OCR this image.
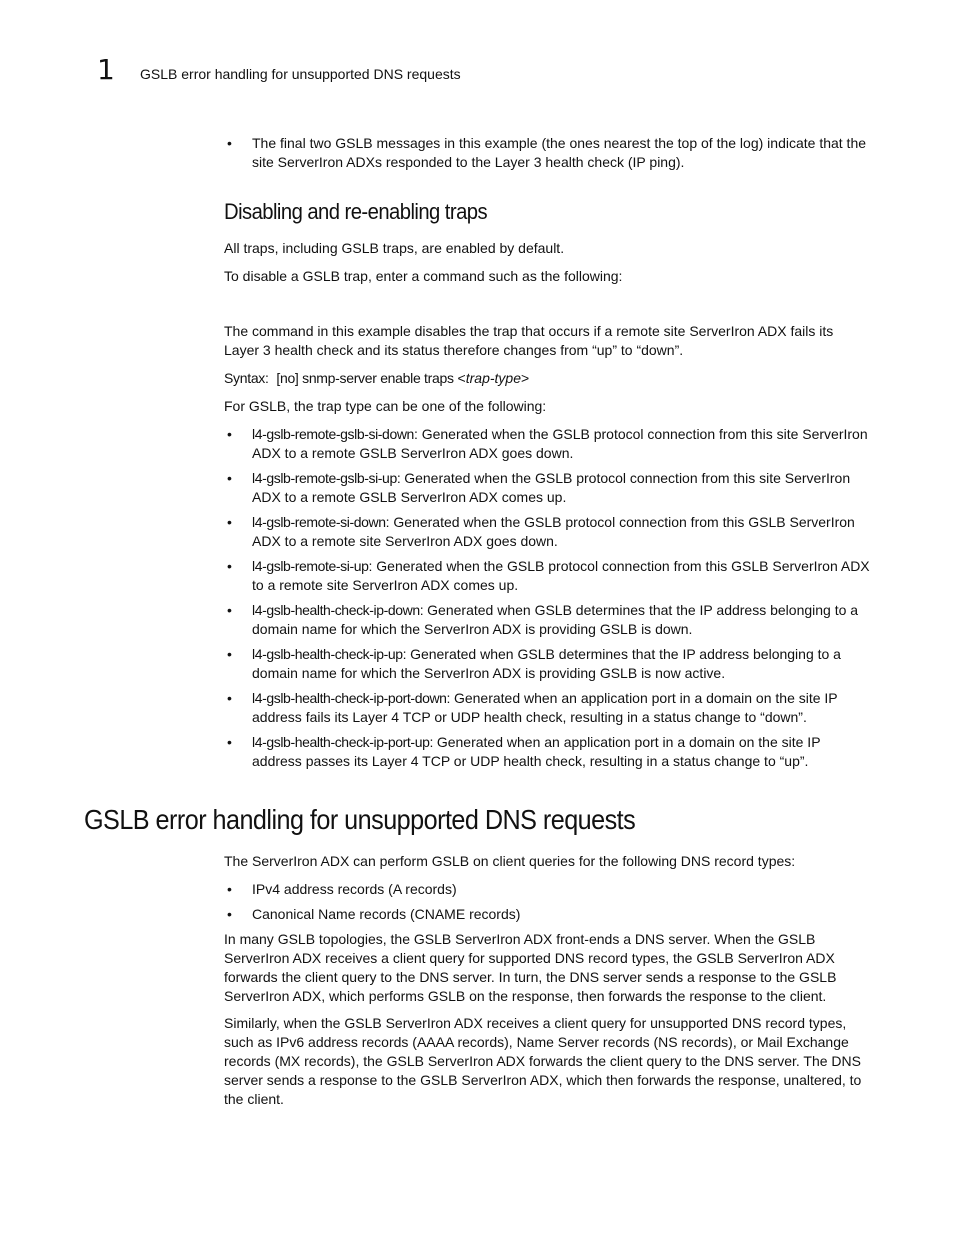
1 GSLB error handling for unsupported DNS requests
• The final two GSLB messages in this example (the ones nearest the top of the log) indicate that the site ServerIron ADXs responded to the Layer 3 health check (IP ping).
Disabling and re-enabling traps

All traps, including GSLB traps, are enabled by default.

To disable a GSLB trap, enter a command such as the following:

The command in this example disables the trap that occurs if a remote site ServerIron ADX fails its Layer 3 health check and its status therefore changes from “up” to “down”.

Syntax: [no] snmp-server enable traps <trap-type>

For GSLB, the trap type can be one of the following:

• l4-gslb-remote-gslb-si-down: Generated when the GSLB protocol connection from this site ServerIron ADX to a remote GSLB ServerIron ADX goes down.
• l4-gslb-remote-gslb-si-up: Generated when the GSLB protocol connection from this site ServerIron ADX to a remote GSLB ServerIron ADX comes up.
• l4-gslb-remote-si-down: Generated when the GSLB protocol connection from this GSLB ServerIron ADX to a remote site ServerIron ADX goes down.
• l4-gslb-remote-si-up: Generated when the GSLB protocol connection from this GSLB ServerIron ADX to a remote site ServerIron ADX comes up.
• l4-gslb-health-check-ip-down: Generated when GSLB determines that the IP address belonging to a domain name for which the ServerIron ADX is providing GSLB is down.
• l4-gslb-health-check-ip-up: Generated when GSLB determines that the IP address belonging to a domain name for which the ServerIron ADX is providing GSLB is now active.
• l4-gslb-health-check-ip-port-down: Generated when an application port in a domain on the site IP address fails its Layer 4 TCP or UDP health check, resulting in a status change to “down”.
• l4-gslb-health-check-ip-port-up: Generated when an application port in a domain on the site IP address passes its Layer 4 TCP or UDP health check, resulting in a status change to “up”.
GSLB error handling for unsupported DNS requests

The ServerIron ADX can perform GSLB on client queries for the following DNS record types:

• IPv4 address records (A records)
• Canonical Name records (CNAME records)

In many GSLB topologies, the GSLB ServerIron ADX front-ends a DNS server. When the GSLB ServerIron ADX receives a client query for supported DNS record types, the GSLB ServerIron ADX forwards the client query to the DNS server. In turn, the DNS server sends a response to the GSLB ServerIron ADX, which performs GSLB on the response, then forwards the response to the client.

Similarly, when the GSLB ServerIron ADX receives a client query for unsupported DNS record types, such as IPv6 address records (AAAA records), Name Server records (NS records), or Mail Exchange records (MX records), the GSLB ServerIron ADX forwards the client query to the DNS server. The DNS server sends a response to the GSLB ServerIron ADX, which then forwards the response, unaltered, to the client.
